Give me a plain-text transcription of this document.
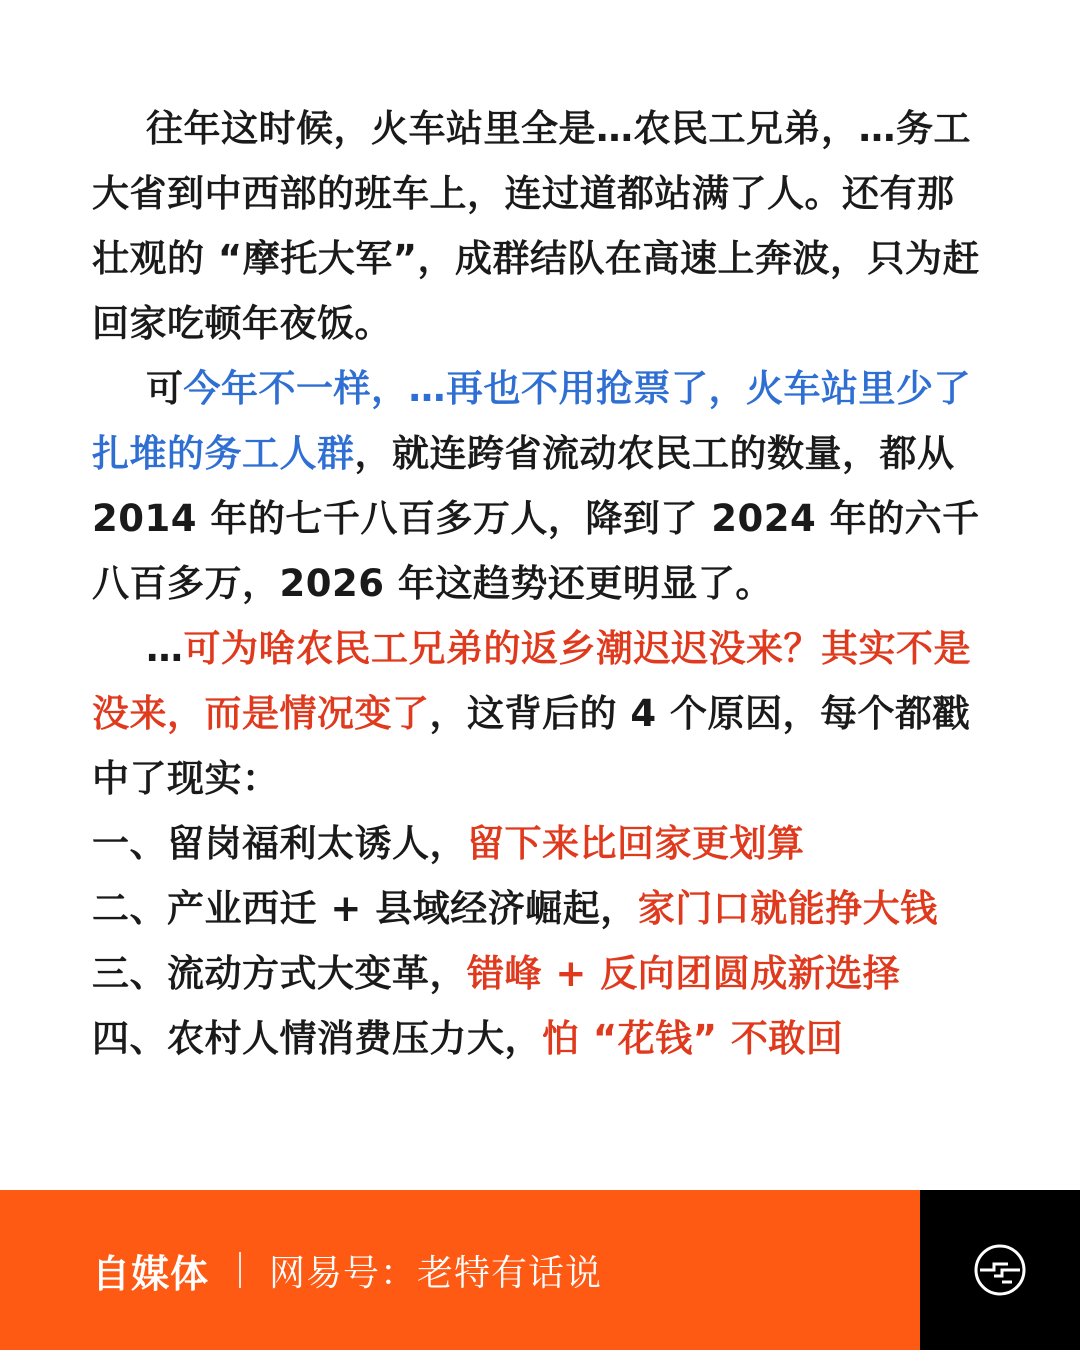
往年这时候，火车站里全是…农民工兄弟，…务工大省到中西部的班车上，连过道都站满了人。还有那壮观的 “摩托大军”，成群结队在高速上奔波，只为赶回家吃顿年夜饭。

可今年不一样，…再也不用抢票了，火车站里少了扎堆的务工人群，就连跨省流动农民工的数量，都从 2014 年的七千八百多万人，降到了 2024 年的六千八百多万，2026 年这趋势还更明显了。

…可为啥农民工兄弟的返乡潮迟迟没来？其实不是没来，而是情况变了，这背后的 4 个原因，每个都戳中了现实：

一、留岗福利太诱人，留下来比回家更划算
二、产业西迁 + 县域经济崛起，家门口就能挣大钱
三、流动方式大变革，错峰 + 反向团圆成新选择
四、农村人情消费压力大，怕 “花钱” 不敢回
自媒体 网易号：老特有话说
